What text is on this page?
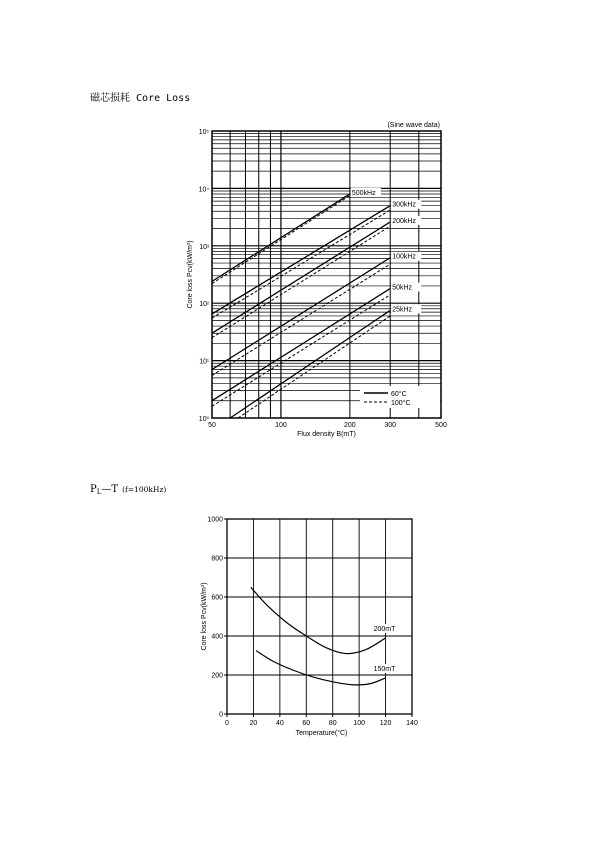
磁芯损耗 Core Loss
$P_L—T$ (f=100kHz)
50	100	200	300	500
10⁰
10¹
10²
10³
10⁴
10⁵
Flux density B(mT)
Core loss Pcv(kW/m³)
(Sine wave data)
500kHz
300kHz
200kHz
100kHz
50kHz
25kHz
60°C
100°C
0	20	40	60	80 100 120 140
0
200
400
600
800
1000
Temperature(°C)
Core loss Pcv(kW/m³)	200mT
150mT
